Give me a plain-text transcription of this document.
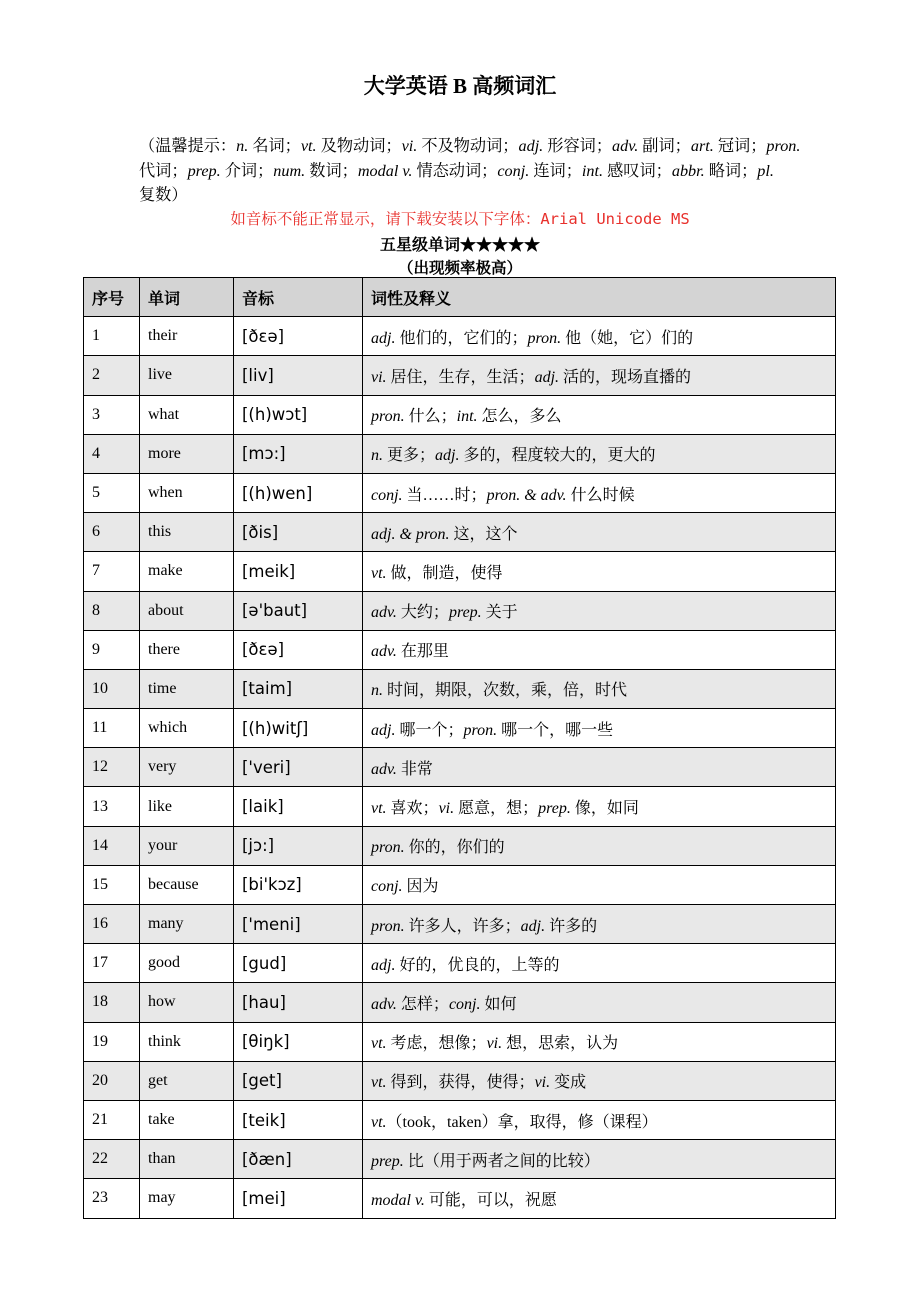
大学英语 B 高频词汇
（温馨提示：n. 名词；vt. 及物动词；vi. 不及物动词；adj. 形容词；adv. 副词；art. 冠词；pron. 代词；prep. 介词；num. 数词；modal v. 情态动词；conj. 连词；int. 感叹词；abbr. 略词；pl. 复数）
如音标不能正常显示，请下载安装以下字体：Arial Unicode MS
五星级单词★★★★★
（出现频率极高）
序号	单词	音标	词性及释义
1	their	[ðεə]	adj. 他们的，它们的；pron. 他（她，它）们的
2	live	[liv]	vi. 居住，生存，生活；adj. 活的，现场直播的
3	what	[(h)wɔt]	pron. 什么；int. 怎么，多么
4	more	[mɔ:]	n. 更多；adj. 多的，程度较大的，更大的
5	when	[(h)wen]	conj. 当……时；pron. & adv. 什么时候
6	this	[ðis]	adj. & pron. 这，这个
7	make	[meik]	vt. 做，制造，使得
8	about	[ə'baut]	adv. 大约；prep. 关于
9	there	[ðεə]	adv. 在那里
10	time	[taim]	n. 时间，期限，次数，乘，倍，时代
11	which	[(h)witʃ]	adj. 哪一个；pron. 哪一个，哪一些
12	very	['veri]	adv. 非常
13	like	[laik]	vt. 喜欢；vi. 愿意，想；prep. 像，如同
14	your	[jɔ:]	pron. 你的，你们的
15	because	[bi'kɔz]	conj. 因为
16	many	['meni]	pron. 许多人，许多；adj. 许多的
17	good	[gud]	adj. 好的，优良的，上等的
18	how	[hau]	adv. 怎样；conj. 如何
19	think	[θiŋk]	vt. 考虑，想像；vi. 想，思索，认为
20	get	[get]	vt. 得到，获得，使得；vi. 变成
21	take	[teik]	vt.（took，taken）拿，取得，修（课程）
22	than	[ðæn]	prep. 比（用于两者之间的比较）
23	may	[mei]	modal v. 可能，可以，祝愿
